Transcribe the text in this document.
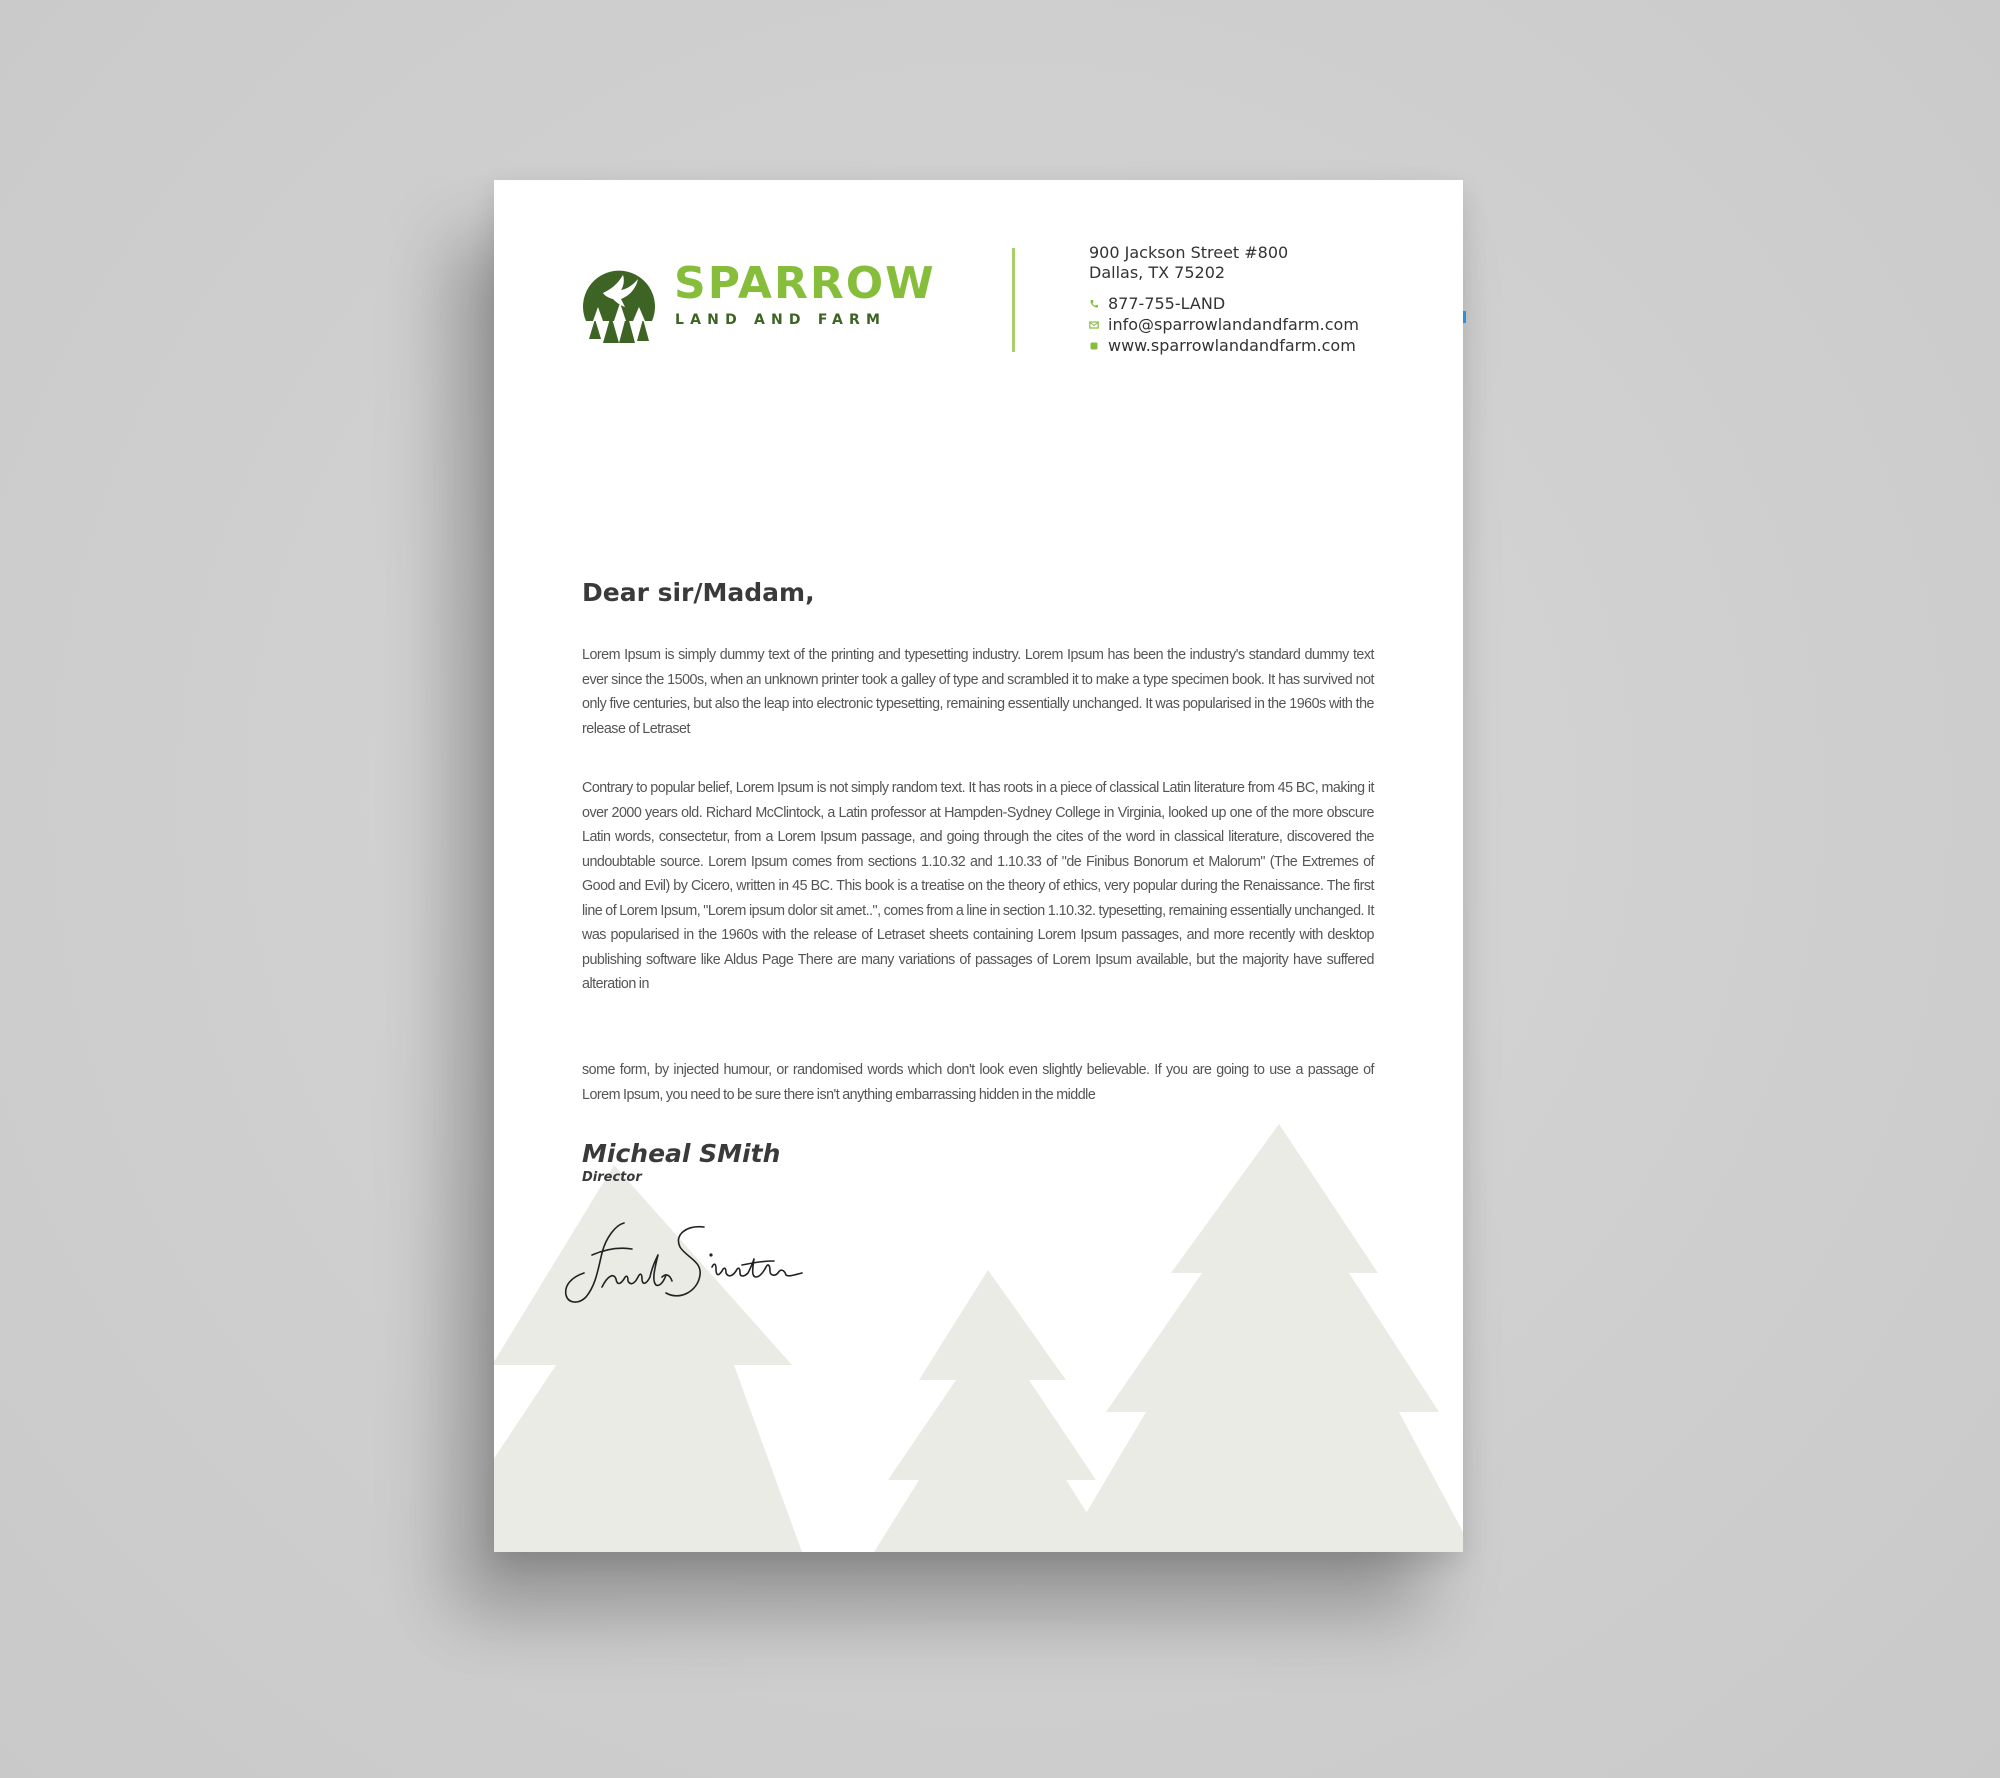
SPARROW

LAND AND FARM

900 Jackson Street #800
Dallas, TX 75202
877-755-LAND
info@sparrowlandandfarm.com
www.sparrowlandandfarm.com
Dear sir/Madam,

Lorem Ipsum is simply dummy text of the printing and typesetting industry. Lorem Ipsum has been the industry's standard dummy text ever since the 1500s, when an unknown printer took a galley of type and scrambled it to make a type specimen book. It has survived not only five centuries, but also the leap into electronic typesetting, remaining essentially unchanged. It was popularised in the 1960s with the release of Letraset

Contrary to popular belief, Lorem Ipsum is not simply random text. It has roots in a piece of classical Latin literature from 45 BC, making it over 2000 years old. Richard McClintock, a Latin professor at Hampden-Sydney College in Virginia, looked up one of the more obscure Latin words, consectetur, from a Lorem Ipsum passage, and going through the cites of the word in classical literature, discovered the undoubtable source. Lorem Ipsum comes from sections 1.10.32 and 1.10.33 of "de Finibus Bonorum et Malorum" (The Extremes of Good and Evil) by Cicero, written in 45 BC. This book is a treatise on the theory of ethics, very popular during the Renaissance. The first line of Lorem Ipsum, "Lorem ipsum dolor sit amet..", comes from a line in section 1.10.32. typesetting, remaining essentially unchanged. It was popularised in the 1960s with the release of Letraset sheets containing Lorem Ipsum passages, and more recently with desktop publishing software like Aldus Page There are many variations of passages of Lorem Ipsum available, but the majority have suffered alteration in

some form, by injected humour, or randomised words which don't look even slightly believable. If you are going to use a passage of Lorem Ipsum, you need to be sure there isn't anything embarrassing hidden in the middle

Micheal SMith

Director
